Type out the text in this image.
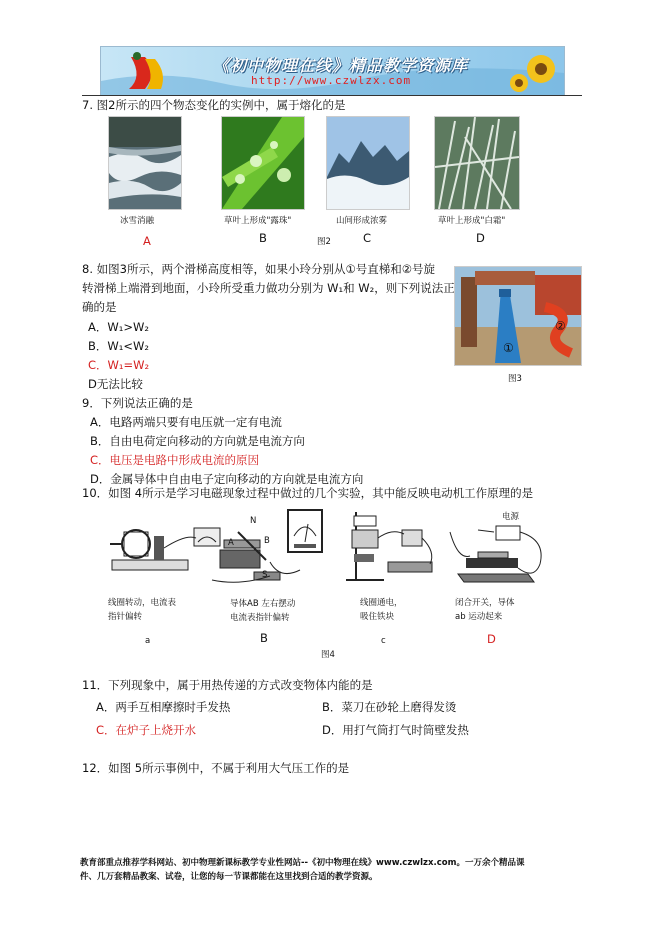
《初中物理在线》精品教学资源库
http://www.czwlzx.com
7. 图2所示的四个物态变化的实例中，属于熔化的是
冰雪消融	草叶上形成"露珠"	山间形成浓雾	草叶上形成"白霜"
A	B	图2	C	D
8. 如图3所示，两个滑梯高度相等，如果小玲分别从①号直梯和②号旋
转滑梯上端滑到地面，小玲所受重力做功分别为 W₁和 W₂，则下列说法正
确的是
A．W₁>W₂
B．W₁<W₂
C．W₁=W₂
D无法比较
①
②
图3
9．下列说法正确的是
A．电路两端只要有电压就一定有电流
B．自由电荷定向移动的方向就是电流方向
C．电压是电路中形成电流的原因
D．金属导体中自由电子定向移动的方向就是电流方向
10．如图 4所示是学习电磁现象过程中做过的几个实验，其中能反映电动机工作原理的是
N
A	B
S
电源
线圈转动，电流表
指针偏转
导体AB 左右摆动
电流表指针偏转
线圈通电，
吸住铁块
闭合开关，导体
ab 运动起来
a	B	c	D
图4
11．下列现象中，属于用热传递的方式改变物体内能的是
A．两手互相摩擦时手发热	B．菜刀在砂轮上磨得发烫
C．在炉子上烧开水	D．用打气筒打气时筒壁发热
12．如图 5所示事例中，不属于利用大气压工作的是
教育部重点推荐学科网站、初中物理新课标教学专业性网站--《初中物理在线》www.czwlzx.com。一万余个精品课
件、几万套精品教案、试卷，让您的每一节课都能在这里找到合适的教学资源。
